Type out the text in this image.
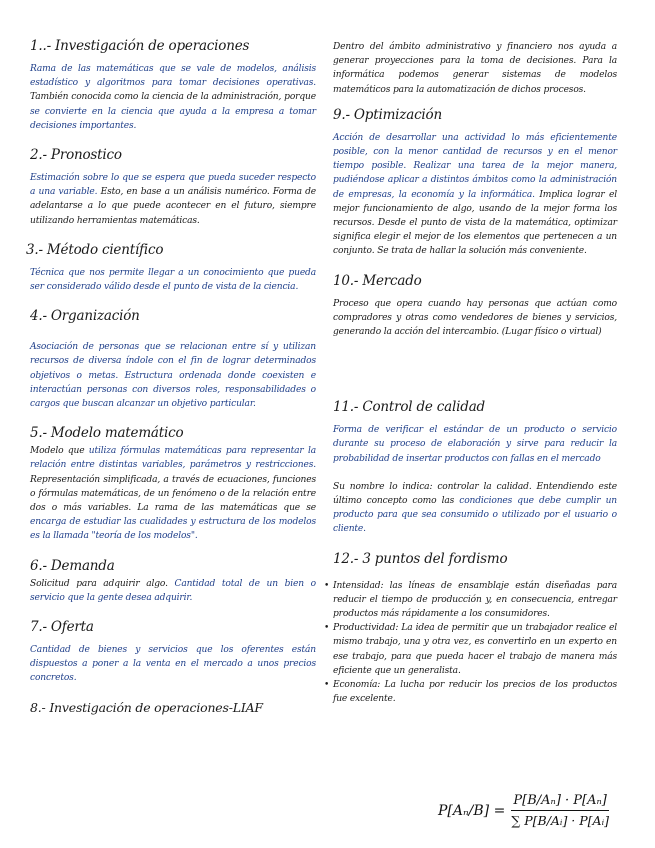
1..- Investigación de operaciones

Rama de las matemáticas que se vale de modelos, análisis estadístico y algoritmos para tomar decisiones operativas. También conocida como la ciencia de la administración, porque se convierte en la ciencia que ayuda a la empresa a tomar decisiones importantes.

2.- Pronostico

Estimación sobre lo que se espera que pueda suceder respecto a una variable. Esto, en base a un análisis numérico. Forma de adelantarse a lo que puede acontecer en el futuro, siempre utilizando herramientas matemáticas.

3.- Método científico

Técnica que nos permite llegar a un conocimiento que pueda ser considerado válido desde el punto de vista de la ciencia.

4.- Organización

Asociación de personas que se relacionan entre sí y utilizan recursos de diversa índole con el fin de lograr determinados objetivos o metas. Estructura ordenada donde coexisten e interactúan personas con diversos roles, responsabilidades o cargos que buscan alcanzar un objetivo particular.

5.- Modelo matemático

Modelo que utiliza fórmulas matemáticas para representar la relación entre distintas variables, parámetros y restricciones. Representación simplificada, a través de ecuaciones, funciones o fórmulas matemáticas, de un fenómeno o de la relación entre dos o más variables. La rama de las matemáticas que se encarga de estudiar las cualidades y estructura de los modelos es la llamada "teoría de los modelos".

6.- Demanda

Solicitud para adquirir algo. Cantidad total de un bien o servicio que la gente desea adquirir.

7.- Oferta

Cantidad de bienes y servicios que los oferentes están dispuestos a poner a la venta en el mercado a unos precios concretos.

8.- Investigación de operaciones-LIAF

Dentro del ámbito administrativo y financiero nos ayuda a generar proyecciones para la toma de decisiones. Para la informática podemos generar sistemas de modelos matemáticos para la automatización de dichos procesos.

9.- Optimización

Acción de desarrollar una actividad lo más eficientemente posible, con la menor cantidad de recursos y en el menor tiempo posible. Realizar una tarea de la mejor manera, pudiéndose aplicar a distintos ámbitos como la administración de empresas, la economía y la informática. Implica lograr el mejor funcionamiento de algo, usando de la mejor forma los recursos. Desde el punto de vista de la matemática, optimizar significa elegir el mejor de los elementos que pertenecen a un conjunto. Se trata de hallar la solución más conveniente.

10.- Mercado

Proceso que opera cuando hay personas que actúan como compradores y otras como vendedores de bienes y servicios, generando la acción del intercambio. (Lugar físico o virtual)

11.- Control de calidad

Forma de verificar el estándar de un producto o servicio durante su proceso de elaboración y sirve para reducir la probabilidad de insertar productos con fallas en el mercado

Su nombre lo indica: controlar la calidad. Entendiendo este último concepto como las condiciones que debe cumplir un producto para que sea consumido o utilizado por el usuario o cliente.

12.- 3 puntos del fordismo
• Intensidad: las líneas de ensamblaje están diseñadas para reducir el tiempo de producción y, en consecuencia, entregar productos más rápidamente a los consumidores.
• Productividad: La idea de permitir que un trabajador realice el mismo trabajo, una y otra vez, es convertirlo en un experto en ese trabajo, para que pueda hacer el trabajo de manera más eficiente que un generalista.
• Economía: La lucha por reducir los precios de los productos fue excelente.
$P[A_n/B] = \frac{\text{P[B/Aₙ] · P[Aₙ]}}{\text{∑ P[B/Aᵢ] · P[Aᵢ]}}$
